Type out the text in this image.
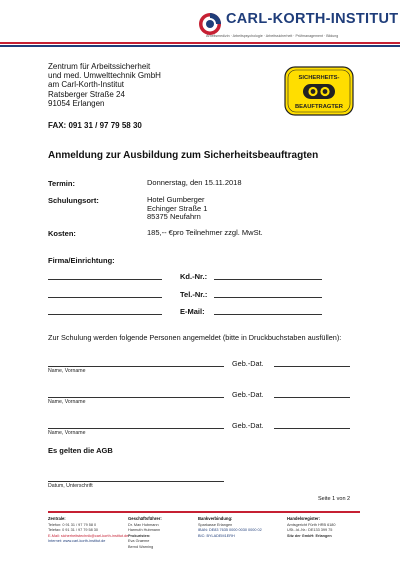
CARL-KORTH-INSTITUT
Arbeitsmedizin · Arbeitspsychologie · Arbeitssicherheit · Prüfmanagement · Bildung
Zentrum für Arbeitssicherheit
und med. Umwelttechnik GmbH
am Carl-Korth-Institut
Ratsberger Straße 24
91054 Erlangen
FAX: 091 31 / 97 79 58 30
SICHERHEITS-
BEAUFTRAGTER
Anmeldung zur Ausbildung zum Sicherheitsbeauftragten
Termin:	Donnerstag, den 15.11.2018
Schulungsort:	Hotel Gumberger
Echinger Straße 1
85375 Neufahrn
Kosten:	185,-- €pro Teilnehmer zzgl. MwSt.
Firma/Einrichtung:
Kd.-Nr.:
Tel.-Nr.:
E-Mail:
Zur Schulung werden folgende Personen angemeldet (bitte in Druckbuchstaben ausfüllen):
Name, Vorname
Geb.-Dat.
Name, Vorname
Geb.-Dat.
Name, Vorname
Geb.-Dat.
Es gelten die AGB
Datum, Unterschrift
Seite 1 von 2
Zentrale:
Telefon: 0 91 31 / 97 79 58 0
Telefax: 0 91 31 / 97 79 58 30
E-Mail: sicherheitstechnik@carl-korth-institut.de
Internet: www.carl-korth-institut.de
Geschäftsführer:
Dr. Max Hubmann
Harmuth Hubmann
Prokuristen:
Eva Graeme
Bernd Warning
Bankverbindung:
Sparkasse Erlangen
IBAN: DE83 7635 0000 0030 0000 02
BIC: BYLADEM1ERH
Handelsregister:
Amtsgericht Fürth HRB 6180
USt.-Id.-Nr.: DE133 399 75
Sitz der GmbH: Erlangen
